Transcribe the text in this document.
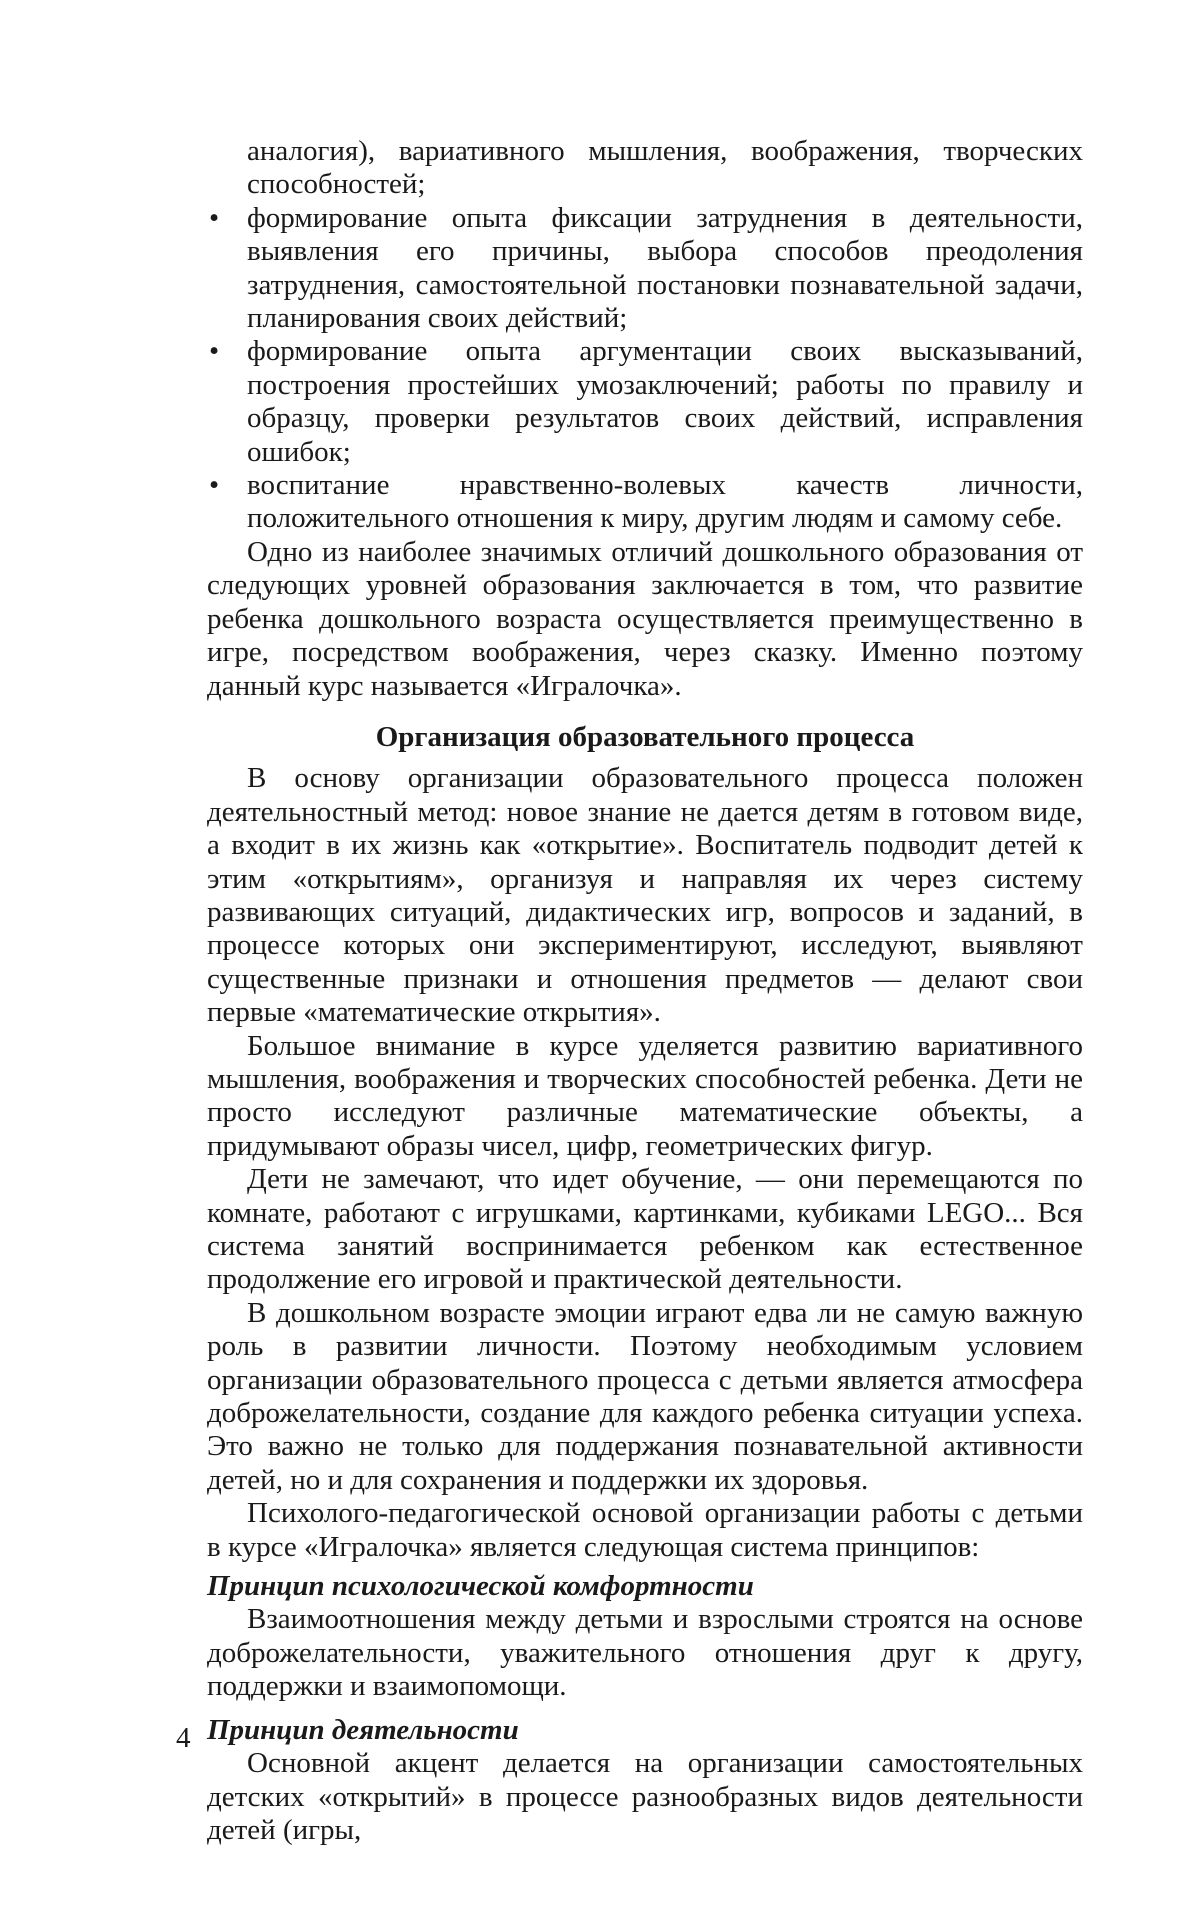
аналогия), вариативного мышления, воображения, творческих способностей;

• формирование опыта фиксации затруднения в деятельности, выявления его причины, выбора способов преодоления затруднения, самостоятельной постановки познавательной задачи, планирования своих действий;

• формирование опыта аргументации своих высказываний, построения простейших умозаключений; работы по правилу и образцу, проверки результатов своих действий, исправления ошибок;

• воспитание нравственно-волевых качеств личности, положительного отношения к миру, другим людям и самому себе.

Одно из наиболее значимых отличий дошкольного образования от следующих уровней образования заключается в том, что развитие ребенка дошкольного возраста осуществляется преимущественно в игре, посредством воображения, через сказку. Именно поэтому данный курс называется «Игралочка».

Организация образовательного процесса

В основу организации образовательного процесса положен деятельностный метод: новое знание не дается детям в готовом виде, а входит в их жизнь как «открытие». Воспитатель подводит детей к этим «открытиям», организуя и направляя их через систему развивающих ситуаций, дидактических игр, вопросов и заданий, в процессе которых они экспериментируют, исследуют, выявляют существенные признаки и отношения предметов — делают свои первые «математические открытия».

Большое внимание в курсе уделяется развитию вариативного мышления, воображения и творческих способностей ребенка. Дети не просто исследуют различные математические объекты, а придумывают образы чисел, цифр, геометрических фигур.

Дети не замечают, что идет обучение, — они перемещаются по комнате, работают с игрушками, картинками, кубиками LEGO... Вся система занятий воспринимается ребенком как естественное продолжение его игровой и практической деятельности.

В дошкольном возрасте эмоции играют едва ли не самую важную роль в развитии личности. Поэтому необходимым условием организации образовательного процесса с детьми является атмосфера доброжелательности, создание для каждого ребенка ситуации успеха. Это важно не только для поддержания познавательной активности детей, но и для сохранения и поддержки их здоровья.

Психолого-педагогической основой организации работы с детьми в курсе «Игралочка» является следующая система принципов:

Принцип психологической комфортности

Взаимоотношения между детьми и взрослыми строятся на основе доброжелательности, уважительного отношения друг к другу, поддержки и взаимопомощи.

Принцип деятельности

Основной акцент делается на организации самостоятельных детских «открытий» в процессе разнообразных видов деятельности детей (игры,

4
